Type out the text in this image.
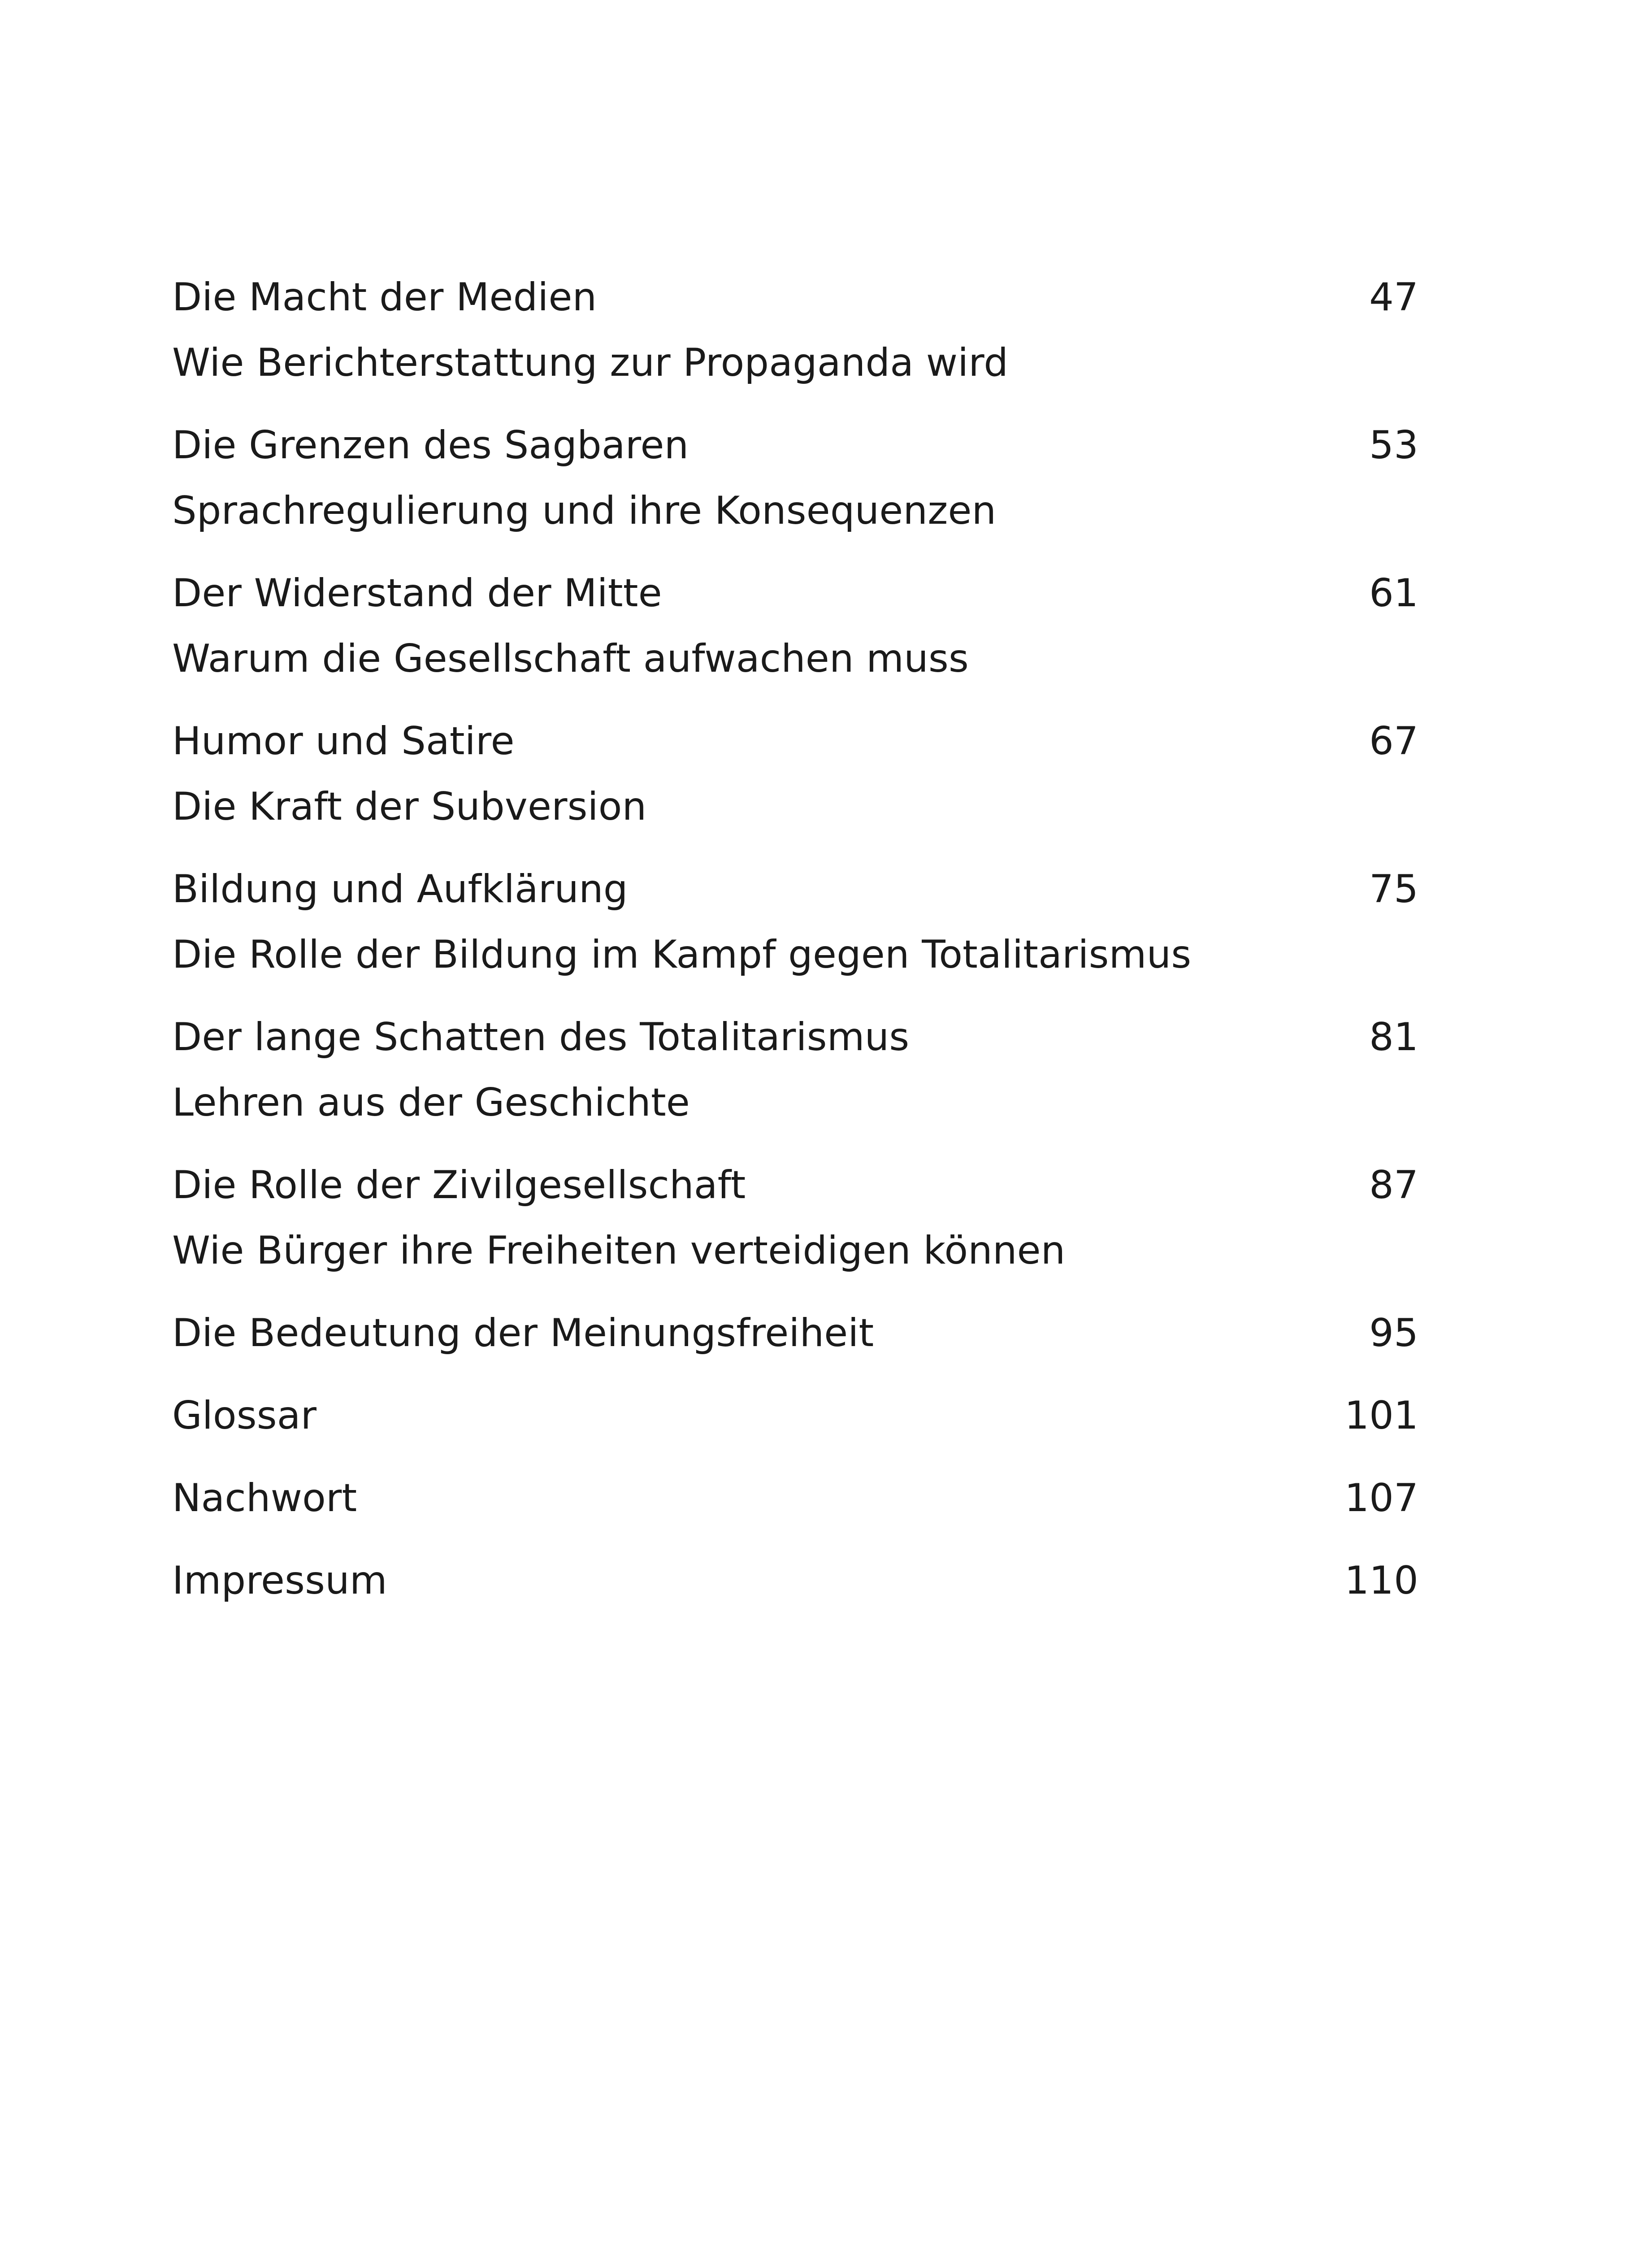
Die Macht der Medien	47
Wie Berichterstattung zur Propaganda wird
Die Grenzen des Sagbaren	53
Sprachregulierung und ihre Konsequenzen
Der Widerstand der Mitte	61
Warum die Gesellschaft aufwachen muss
Humor und Satire	67
Die Kraft der Subversion
Bildung und Aufklärung	75
Die Rolle der Bildung im Kampf gegen Totalitarismus
Der lange Schatten des Totalitarismus	81
Lehren aus der Geschichte
Die Rolle der Zivilgesellschaft	87
Wie Bürger ihre Freiheiten verteidigen können
Die Bedeutung der Meinungsfreiheit	95
Glossar	101
Nachwort	107
Impressum	110
